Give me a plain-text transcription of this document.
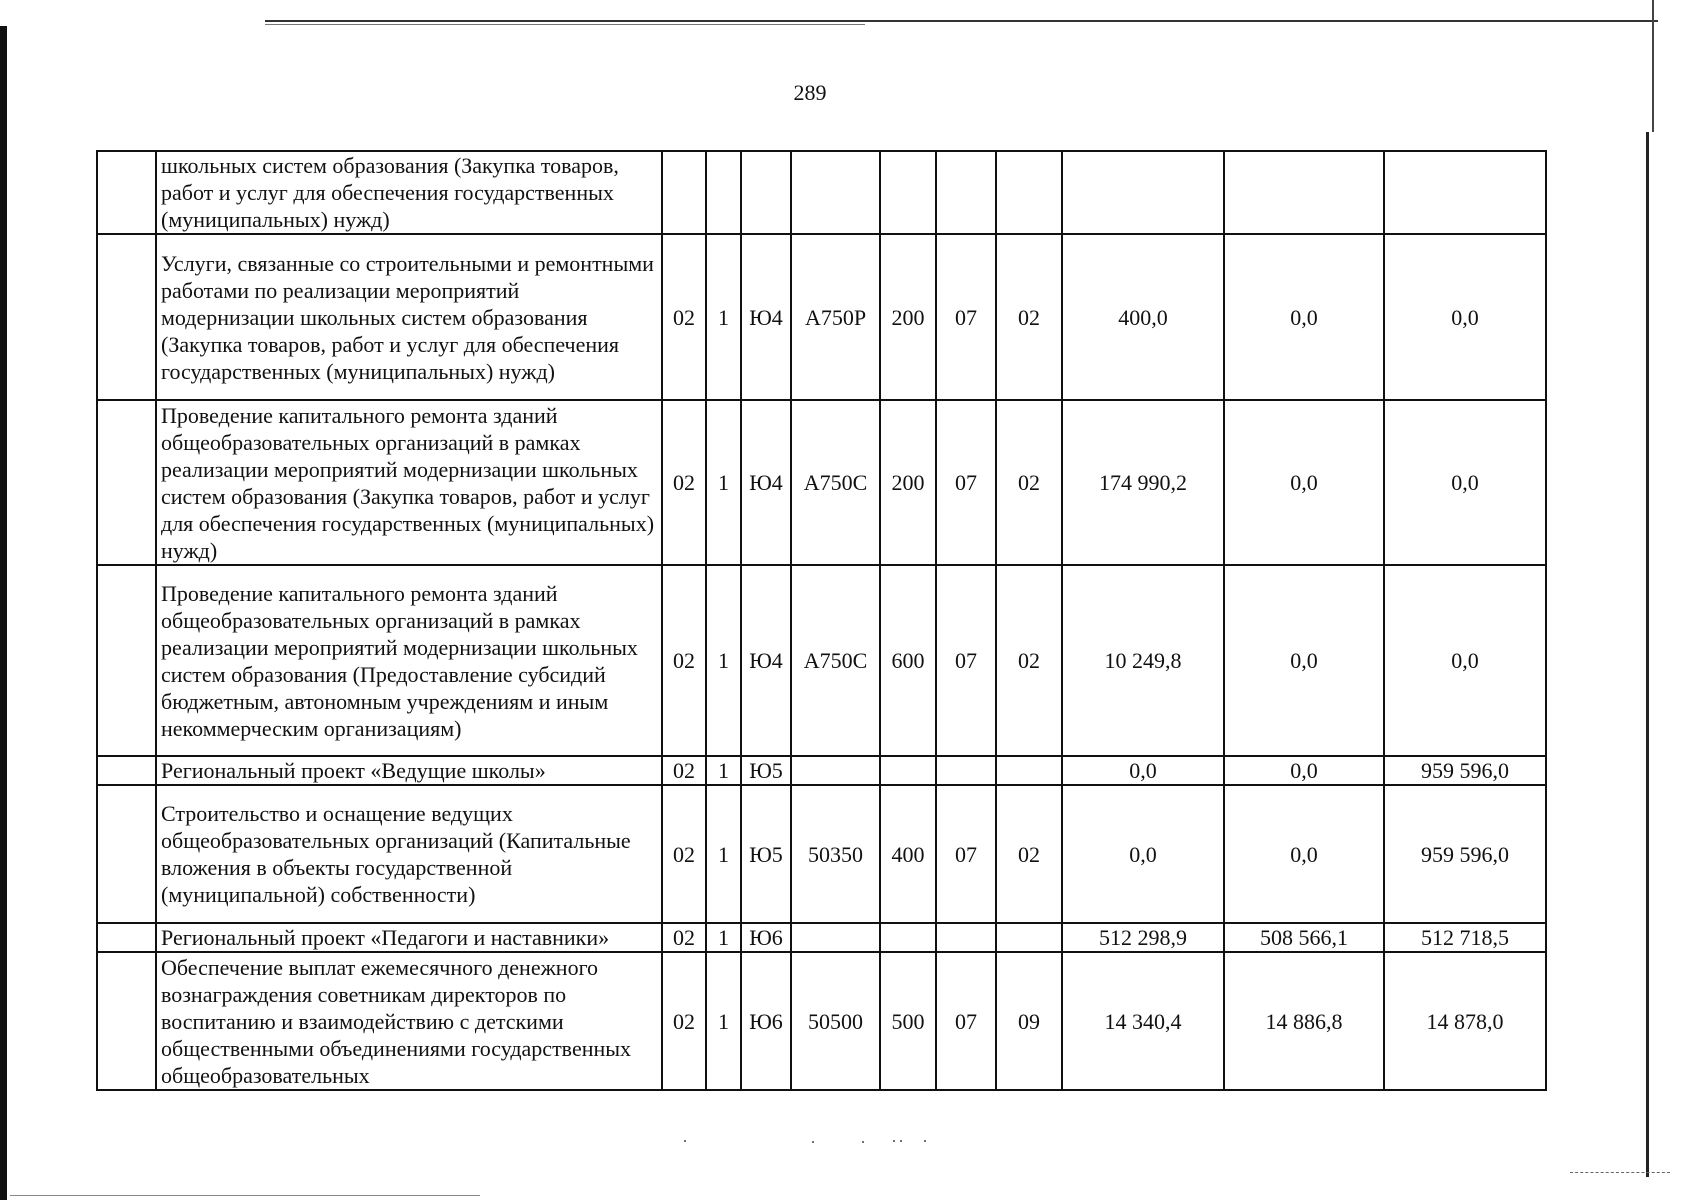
289
	школьных систем образования (Закупка товаров, работ и услуг для обеспечения государственных (муниципальных) нужд)										
	Услуги, связанные со строительными и ремонтными работами по реализации мероприятий модернизации школьных систем образования (Закупка товаров, работ и услуг для обеспечения государственных (муниципальных) нужд)	02	1	Ю4	А750Р	200	07	02	400,0	0,0	0,0
	Проведение капитального ремонта зданий общеобразовательных организаций в рамках реализации мероприятий модернизации школьных систем образования (Закупка товаров, работ и услуг для обеспечения государственных (муниципальных) нужд)	02	1	Ю4	А750С	200	07	02	174 990,2	0,0	0,0
	Проведение капитального ремонта зданий общеобразовательных организаций в рамках реализации мероприятий модернизации школьных систем образования (Предоставление субсидий бюджетным, автономным учреждениям и иным некоммерческим организациям)	02	1	Ю4	А750С	600	07	02	10 249,8	0,0	0,0
	Региональный проект «Ведущие школы»	02	1	Ю5					0,0	0,0	959 596,0
	Строительство и оснащение ведущих общеобразовательных организаций (Капитальные вложения в объекты государственной (муниципальной) собственности)	02	1	Ю5	50350	400	07	02	0,0	0,0	959 596,0
	Региональный проект «Педагоги и наставники»	02	1	Ю6					512 298,9	508 566,1	512 718,5
	Обеспечение выплат ежемесячного денежного вознаграждения советникам директоров по воспитанию и взаимодействию с детскими общественными объединениями государственных общеобразовательных	02	1	Ю6	50500	500	07	09	14 340,4	14 886,8	14 878,0
